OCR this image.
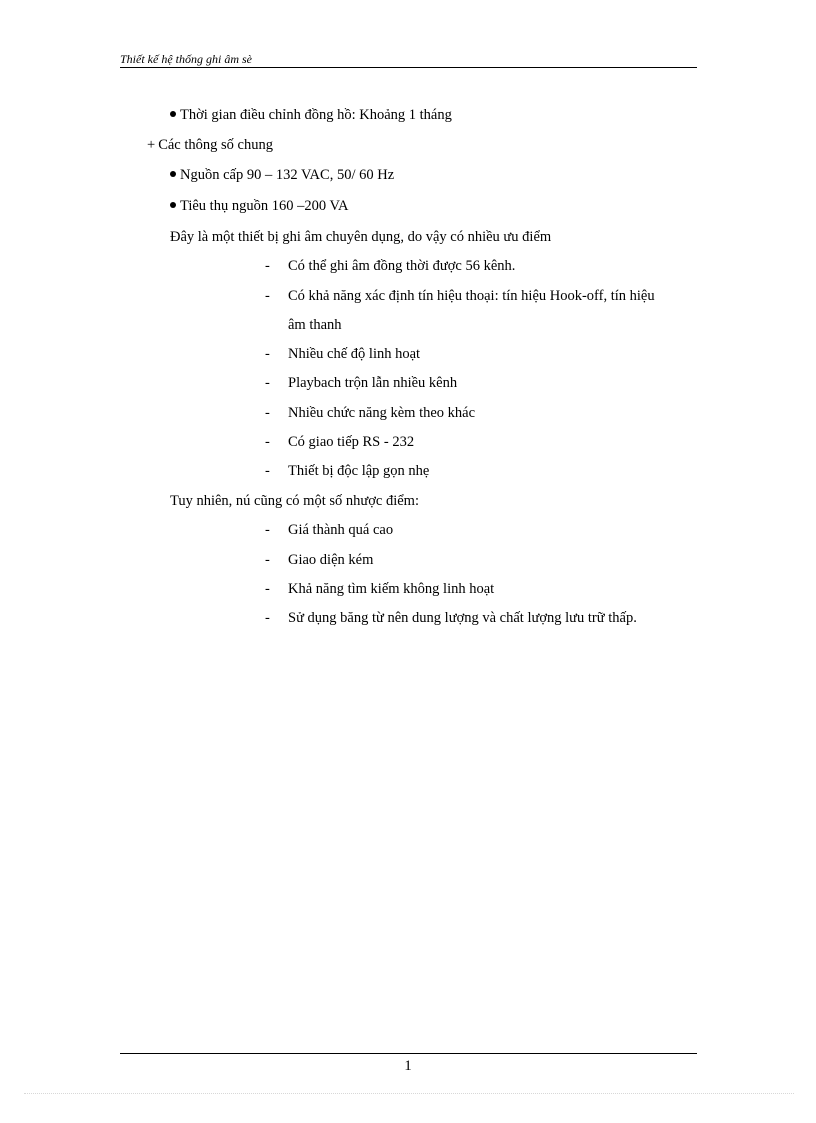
Thiết kế hệ thống ghi âm sè
Thời gian điều chỉnh đồng hồ: Khoảng 1 tháng
+ Các thông số chung
Nguồn cấp 90 – 132 VAC, 50/ 60 Hz
Tiêu thụ nguồn 160 –200 VA
Đây là một thiết bị ghi âm chuyên dụng, do vậy có nhiều ưu điểm
- Có thể ghi âm đồng thời được 56 kênh.
- Có khả năng xác định tín hiệu thoại: tín hiệu Hook-off, tín hiệu
âm thanh
- Nhiều chế độ linh hoạt
- Playbach trộn lẫn nhiều kênh
- Nhiều chức năng kèm theo khác
- Có giao tiếp RS - 232
- Thiết bị độc lập gọn nhẹ
Tuy nhiên, nú cũng có một số nhược điểm:
- Giá thành quá cao
- Giao diện kém
- Khả năng tìm kiếm không linh hoạt
- Sử dụng băng từ nên dung lượng và chất lượng lưu trữ thấp.
1
